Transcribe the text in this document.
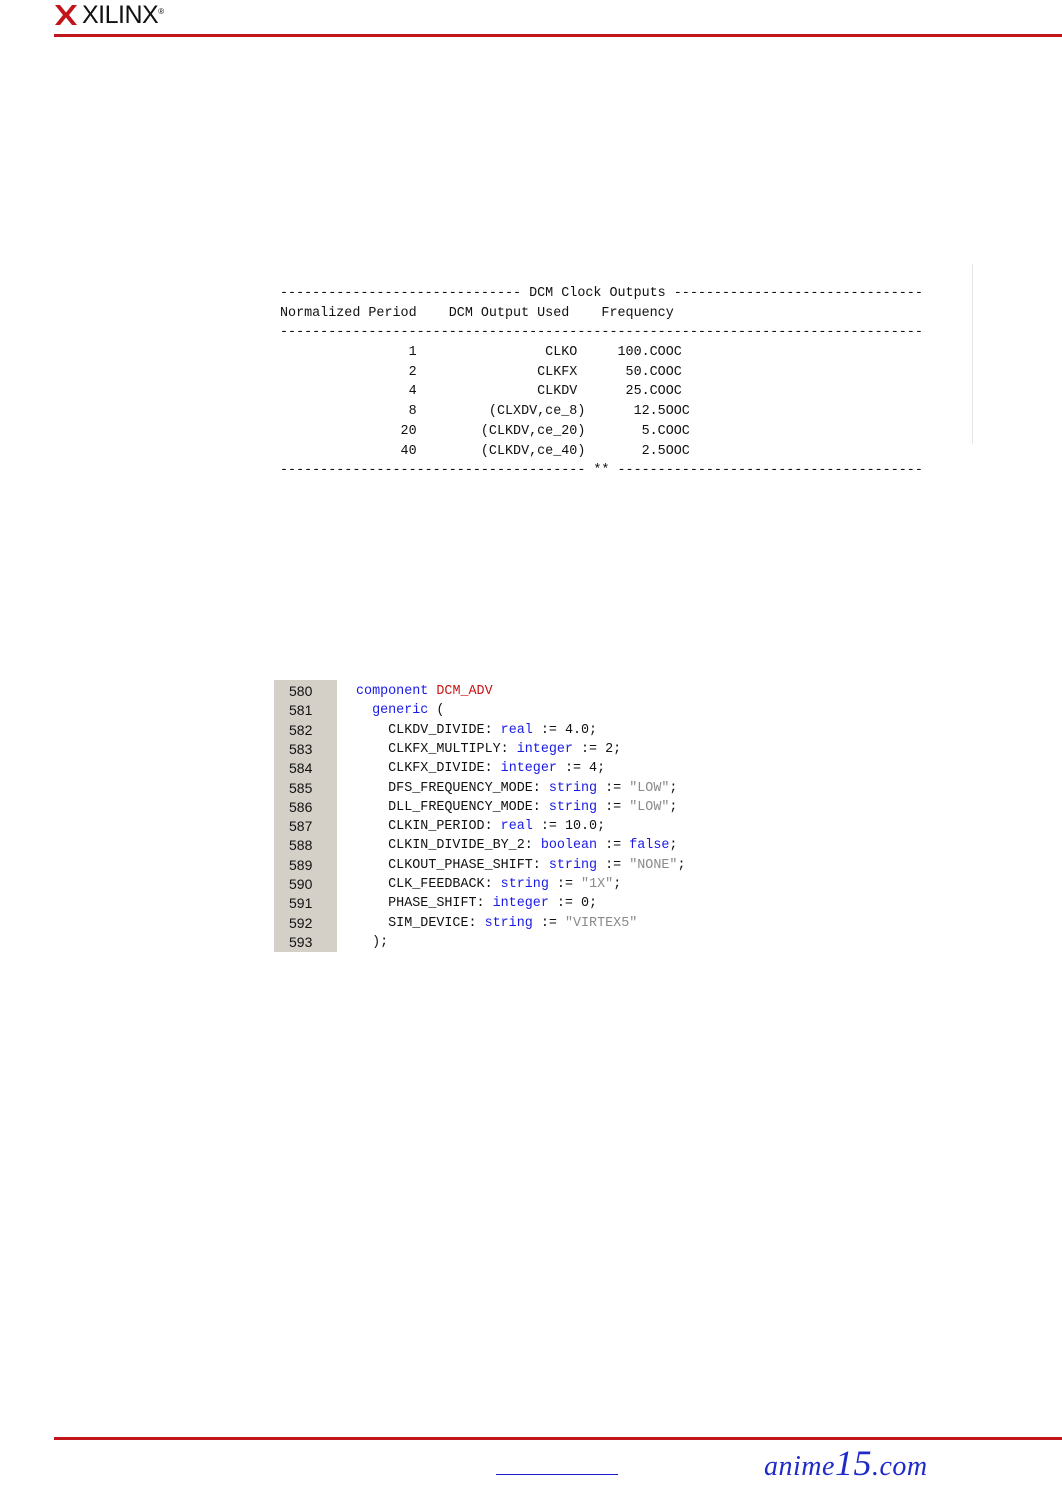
XILINX®

------------------------------ DCM Clock Outputs -------------------------------
Normalized Period    DCM Output Used    Frequency
--------------------------------------------------------------------------------
1                CLKO     100.COOC
2               CLKFX      50.COOC
4               CLKDV      25.COOC
8         (CLXDV,ce_8)      12.5OOC
20        (CLKDV,ce_20)       5.COOC
40        (CLKDV,ce_40)       2.5OOC
-------------------------------------- ** --------------------------------------
580	component DCM_ADV
581	generic (
582	CLKDV_DIVIDE: real := 4.0;
583	CLKFX_MULTIPLY: integer := 2;
584	CLKFX_DIVIDE: integer := 4;
585	DFS_FREQUENCY_MODE: string := "LOW";
586	DLL_FREQUENCY_MODE: string := "LOW";
587	CLKIN_PERIOD: real := 10.0;
588	CLKIN_DIVIDE_BY_2: boolean := false;
589	CLKOUT_PHASE_SHIFT: string := "NONE";
590	CLK_FEEDBACK: string := "1X";
591	PHASE_SHIFT: integer := 0;
592	SIM_DEVICE: string := "VIRTEX5"
593	);
anime15.com
